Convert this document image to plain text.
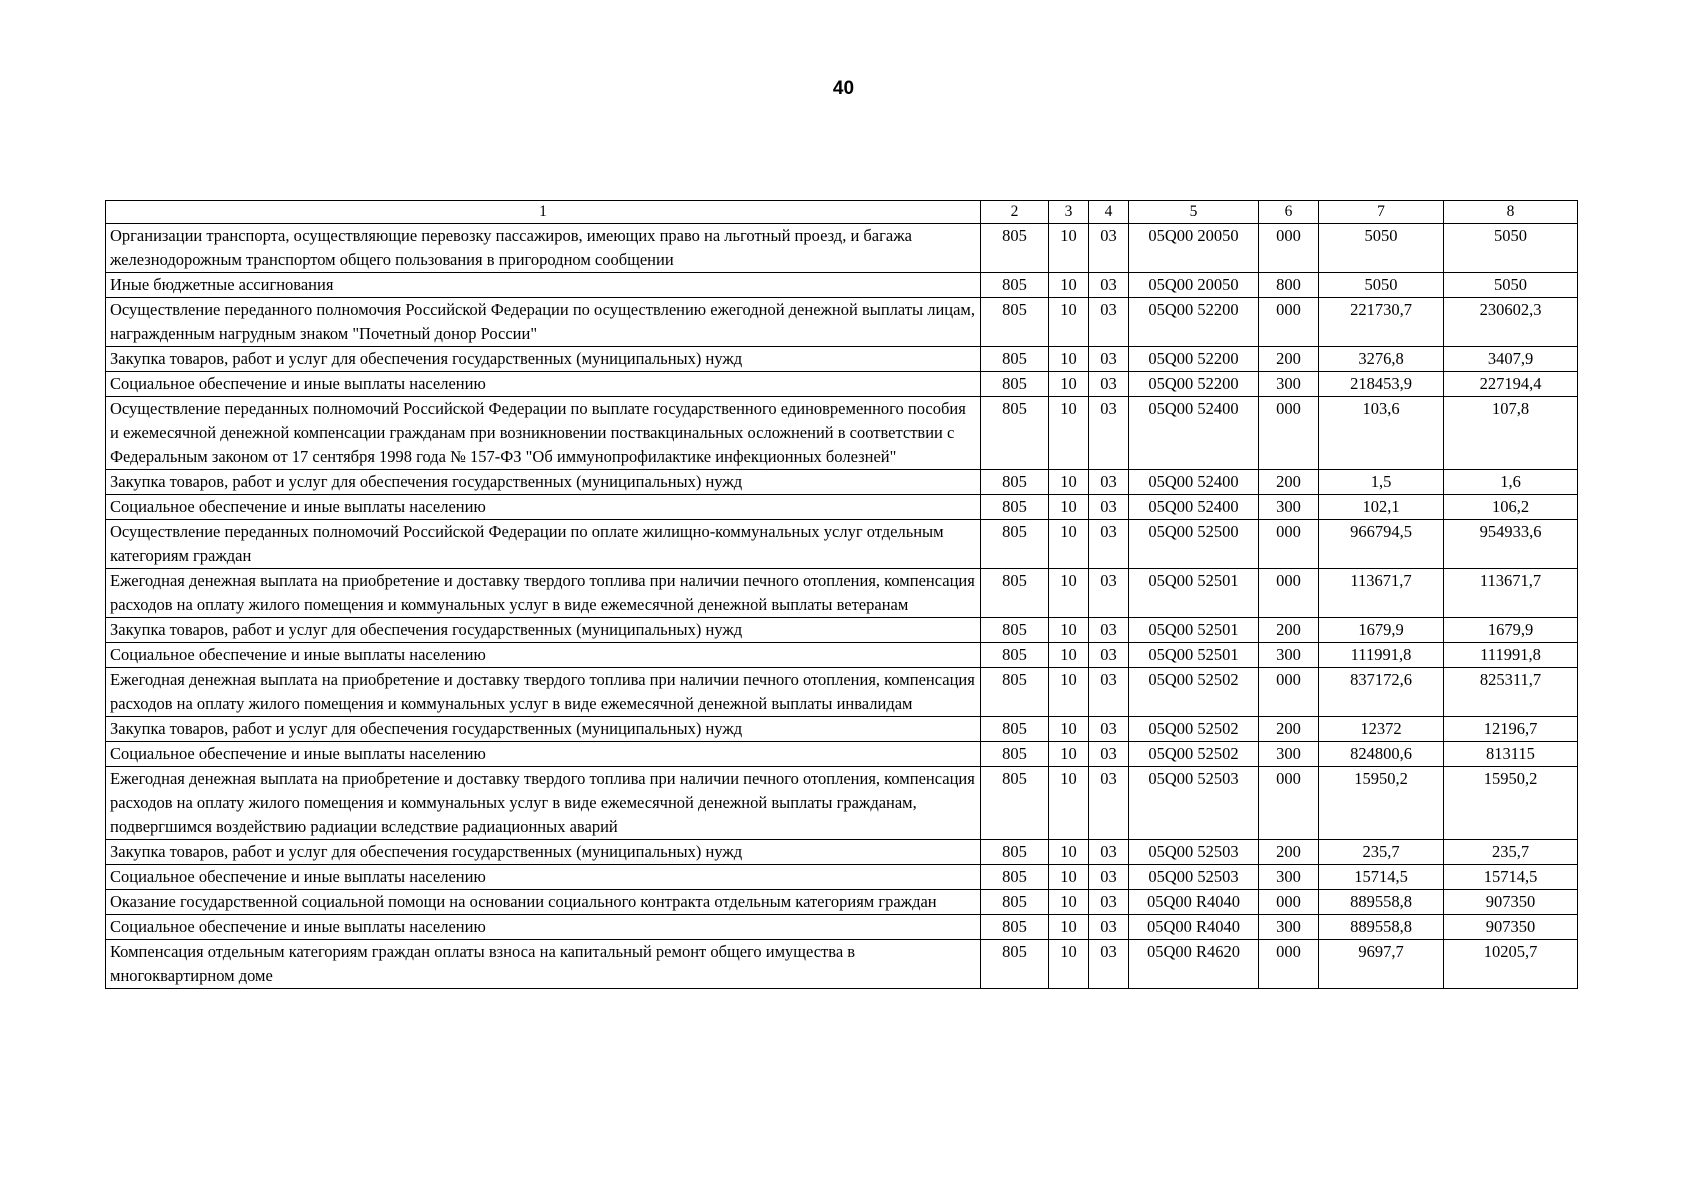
40
1	2	3	4	5	6	7	8
Организации транспорта, осуществляющие перевозку пассажиров, имеющих право на льготный проезд, и багажа железнодорожным транспортом общего пользования в пригородном сообщении	805	10	03	05Q00 20050	000	5050	5050
Иные бюджетные ассигнования	805	10	03	05Q00 20050	800	5050	5050
Осуществление переданного полномочия Российской Федерации по осуществлению ежегодной денежной выплаты лицам, награжденным нагрудным знаком "Почетный донор России"	805	10	03	05Q00 52200	000	221730,7	230602,3
Закупка товаров, работ и услуг для обеспечения государственных (муниципальных) нужд	805	10	03	05Q00 52200	200	3276,8	3407,9
Социальное обеспечение и иные выплаты населению	805	10	03	05Q00 52200	300	218453,9	227194,4
Осуществление переданных полномочий Российской Федерации по выплате государственного единовременного пособия и ежемесячной денежной компенсации гражданам при возникновении поствакцинальных осложнений в соответствии с Федеральным законом от 17 сентября 1998 года № 157-ФЗ "Об иммунопрофилактике инфекционных болезней"	805	10	03	05Q00 52400	000	103,6	107,8
Закупка товаров, работ и услуг для обеспечения государственных (муниципальных) нужд	805	10	03	05Q00 52400	200	1,5	1,6
Социальное обеспечение и иные выплаты населению	805	10	03	05Q00 52400	300	102,1	106,2
Осуществление переданных полномочий Российской Федерации по оплате жилищно-коммунальных услуг отдельным категориям граждан	805	10	03	05Q00 52500	000	966794,5	954933,6
Ежегодная денежная выплата на приобретение и доставку твердого топлива при наличии печного отопления, компенсация расходов на оплату жилого помещения и коммунальных услуг в виде ежемесячной денежной выплаты ветеранам	805	10	03	05Q00 52501	000	113671,7	113671,7
Закупка товаров, работ и услуг для обеспечения государственных (муниципальных) нужд	805	10	03	05Q00 52501	200	1679,9	1679,9
Социальное обеспечение и иные выплаты населению	805	10	03	05Q00 52501	300	111991,8	111991,8
Ежегодная денежная выплата на приобретение и доставку твердого топлива при наличии печного отопления, компенсация расходов на оплату жилого помещения и коммунальных услуг в виде ежемесячной денежной выплаты инвалидам	805	10	03	05Q00 52502	000	837172,6	825311,7
Закупка товаров, работ и услуг для обеспечения государственных (муниципальных) нужд	805	10	03	05Q00 52502	200	12372	12196,7
Социальное обеспечение и иные выплаты населению	805	10	03	05Q00 52502	300	824800,6	813115
Ежегодная денежная выплата на приобретение и доставку твердого топлива при наличии печного отопления, компенсация расходов на оплату жилого помещения и коммунальных услуг в виде ежемесячной денежной выплаты гражданам, подвергшимся воздействию радиации вследствие радиационных аварий	805	10	03	05Q00 52503	000	15950,2	15950,2
Закупка товаров, работ и услуг для обеспечения государственных (муниципальных) нужд	805	10	03	05Q00 52503	200	235,7	235,7
Социальное обеспечение и иные выплаты населению	805	10	03	05Q00 52503	300	15714,5	15714,5
Оказание государственной социальной помощи на основании социального контракта отдельным категориям граждан	805	10	03	05Q00 R4040	000	889558,8	907350
Социальное обеспечение и иные выплаты населению	805	10	03	05Q00 R4040	300	889558,8	907350
Компенсация отдельным категориям граждан оплаты взноса на капитальный ремонт общего имущества в многоквартирном доме	805	10	03	05Q00 R4620	000	9697,7	10205,7
